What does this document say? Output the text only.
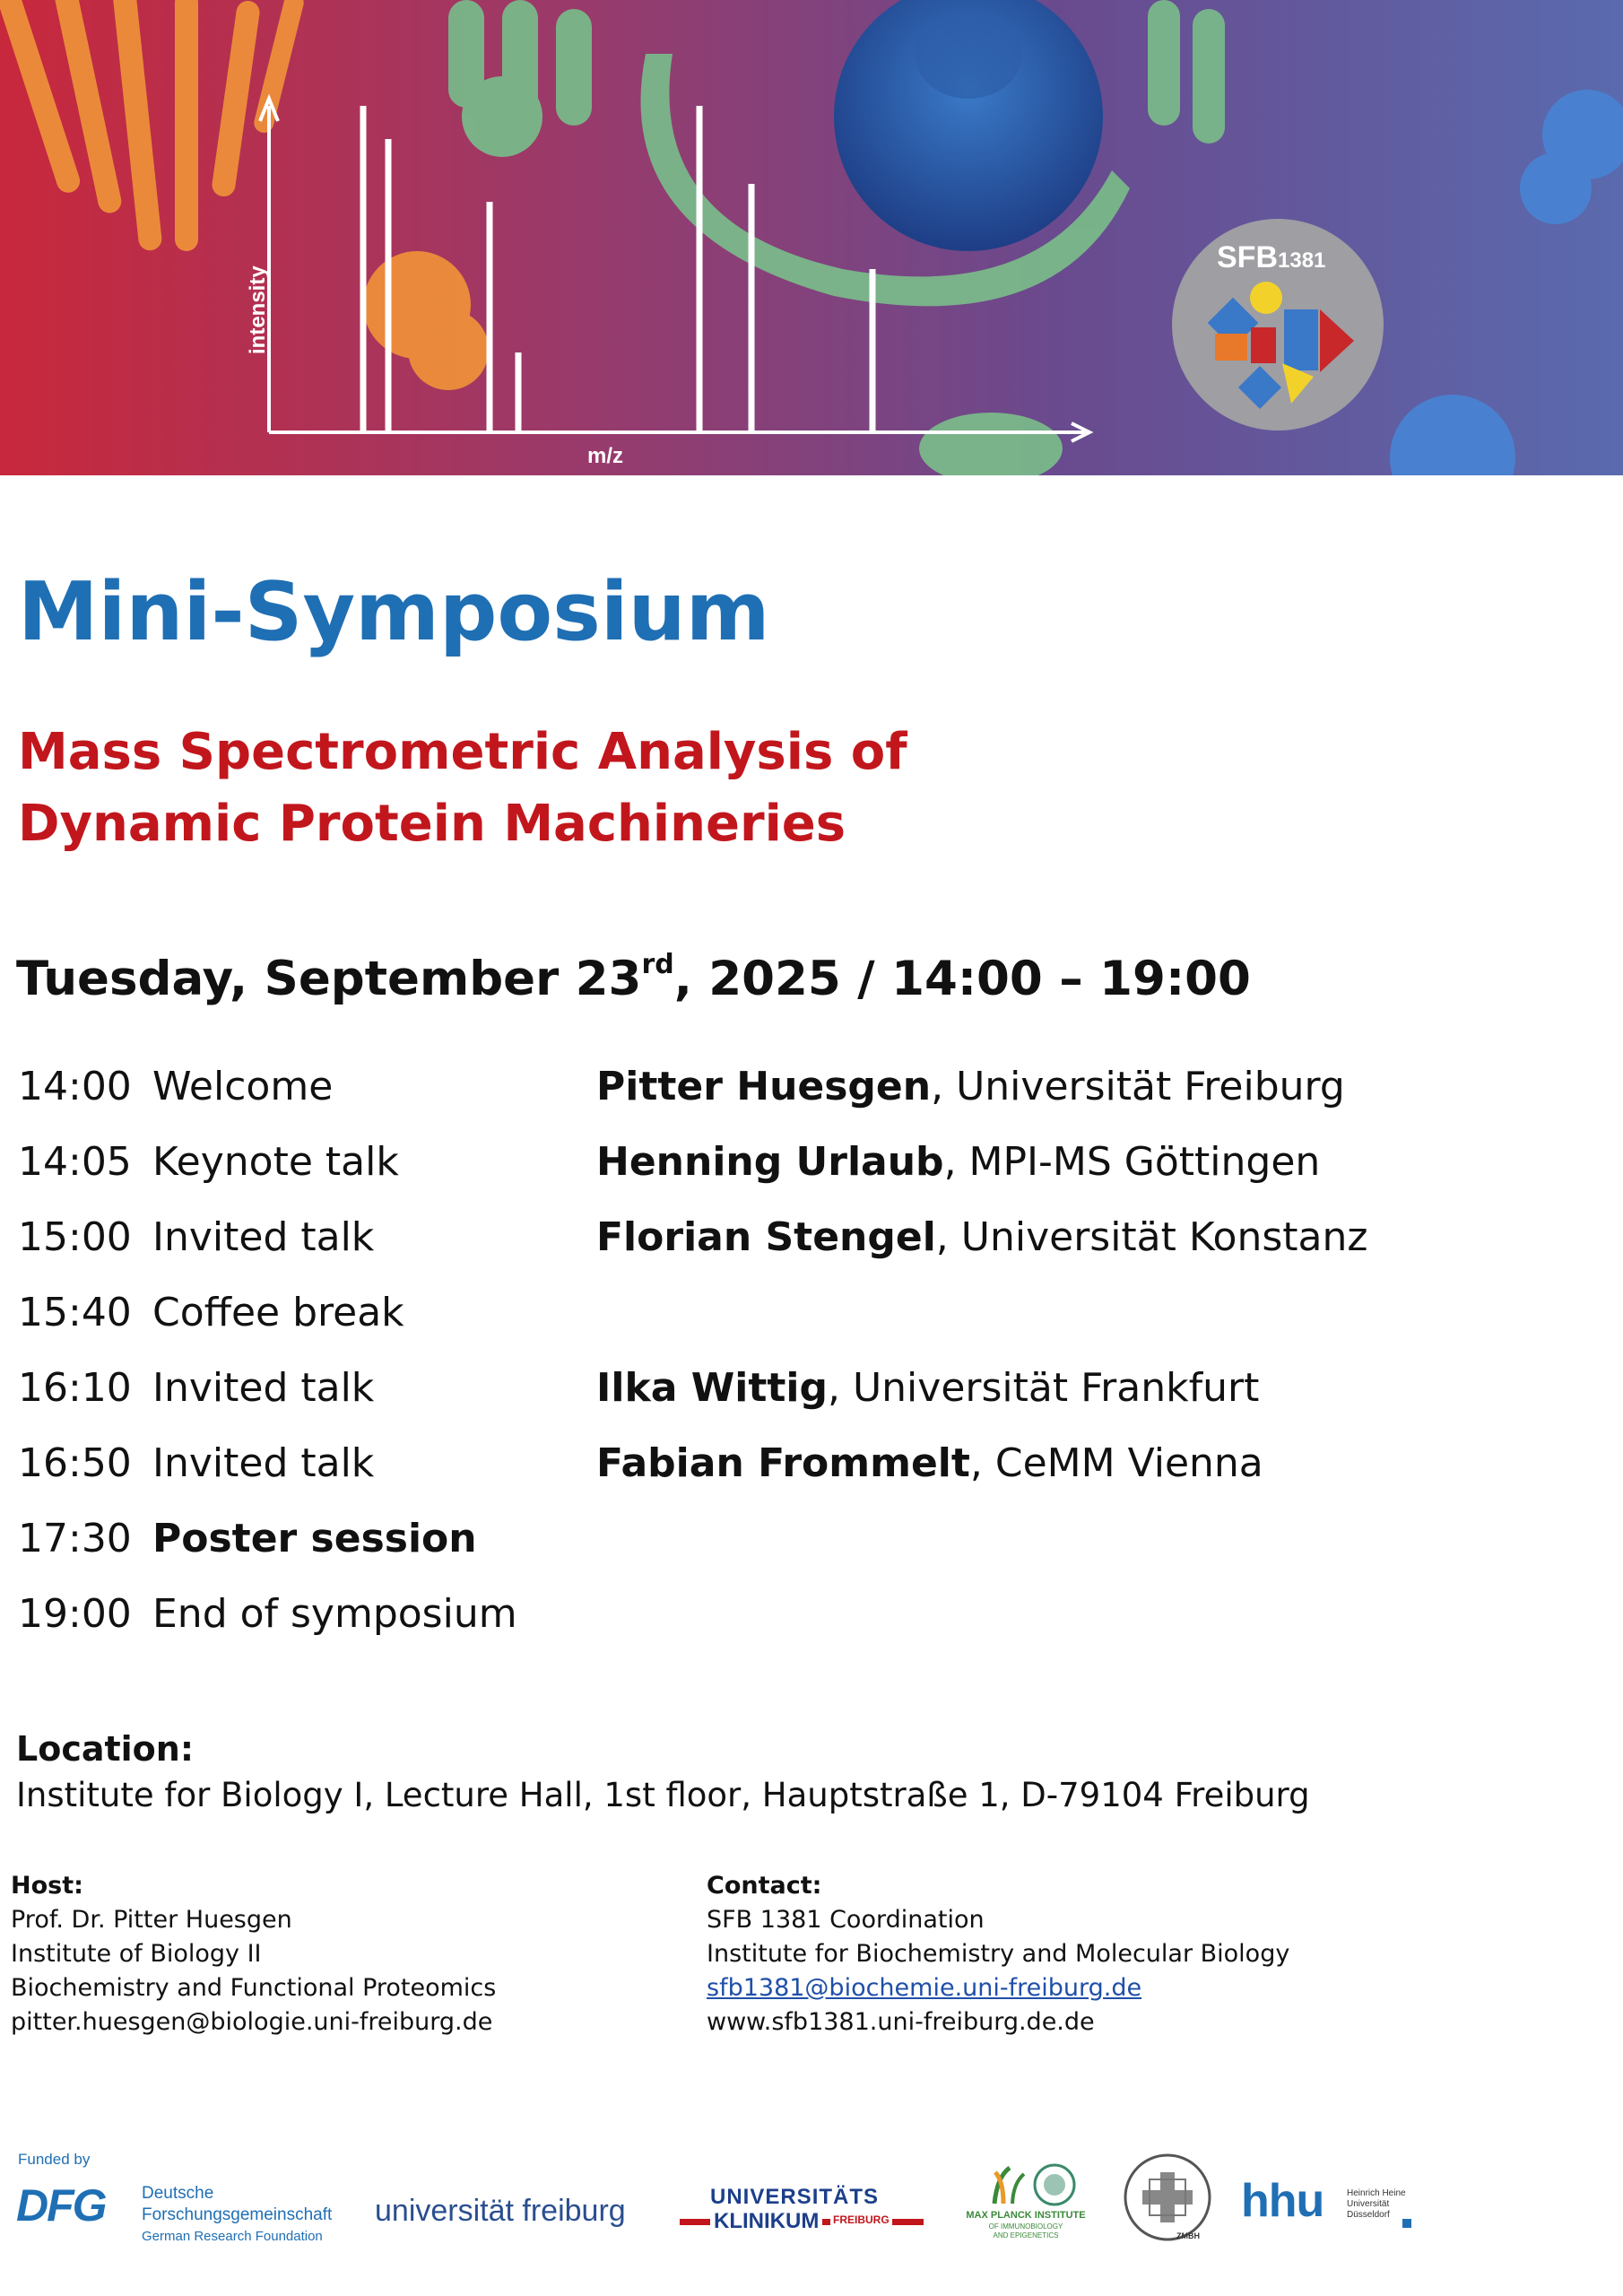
intensity
m/z
SFB 1381
Mini-Symposium
Mass Spectrometric Analysis of
Dynamic Protein Machineries
Tuesday, September 23rd, 2025 / 14:00 – 19:00
14:00 Welcome	Pitter Huesgen, Universität Freiburg
14:05 Keynote talk	Henning Urlaub, MPI-MS Göttingen
15:00 Invited talk	Florian Stengel, Universität Konstanz
15:40 Coffee break
16:10 Invited talk	Ilka Wittig, Universität Frankfurt
16:50 Invited talk	Fabian Frommelt, CeMM Vienna
17:30 Poster session
19:00 End of symposium
Location:
Institute for Biology I, Lecture Hall, 1st floor, Hauptstraße 1, D-79104 Freiburg
Host:
Prof. Dr. Pitter Huesgen
Institute of Biology II
Biochemistry and Functional Proteomics
pitter.huesgen@biologie.uni-freiburg.de
Contact:
SFB 1381 Coordination
Institute for Biochemistry and Molecular Biology
sfb1381@biochemie.uni-freiburg.de
www.sfb1381.uni-freiburg.de.de
Funded by
DFG Deutsche
Forschungsgemeinschaft
German Research Foundation
universität freiburg	UNIVERSITÄTS
KLINIKUM	FREIBURG	MAX PLANCK INSTITUTE
OF IMMUNOBIOLOGY
AND EPIGENETICS	ZMBH
hhu	Heinrich Heine
Universität
Düsseldorf
